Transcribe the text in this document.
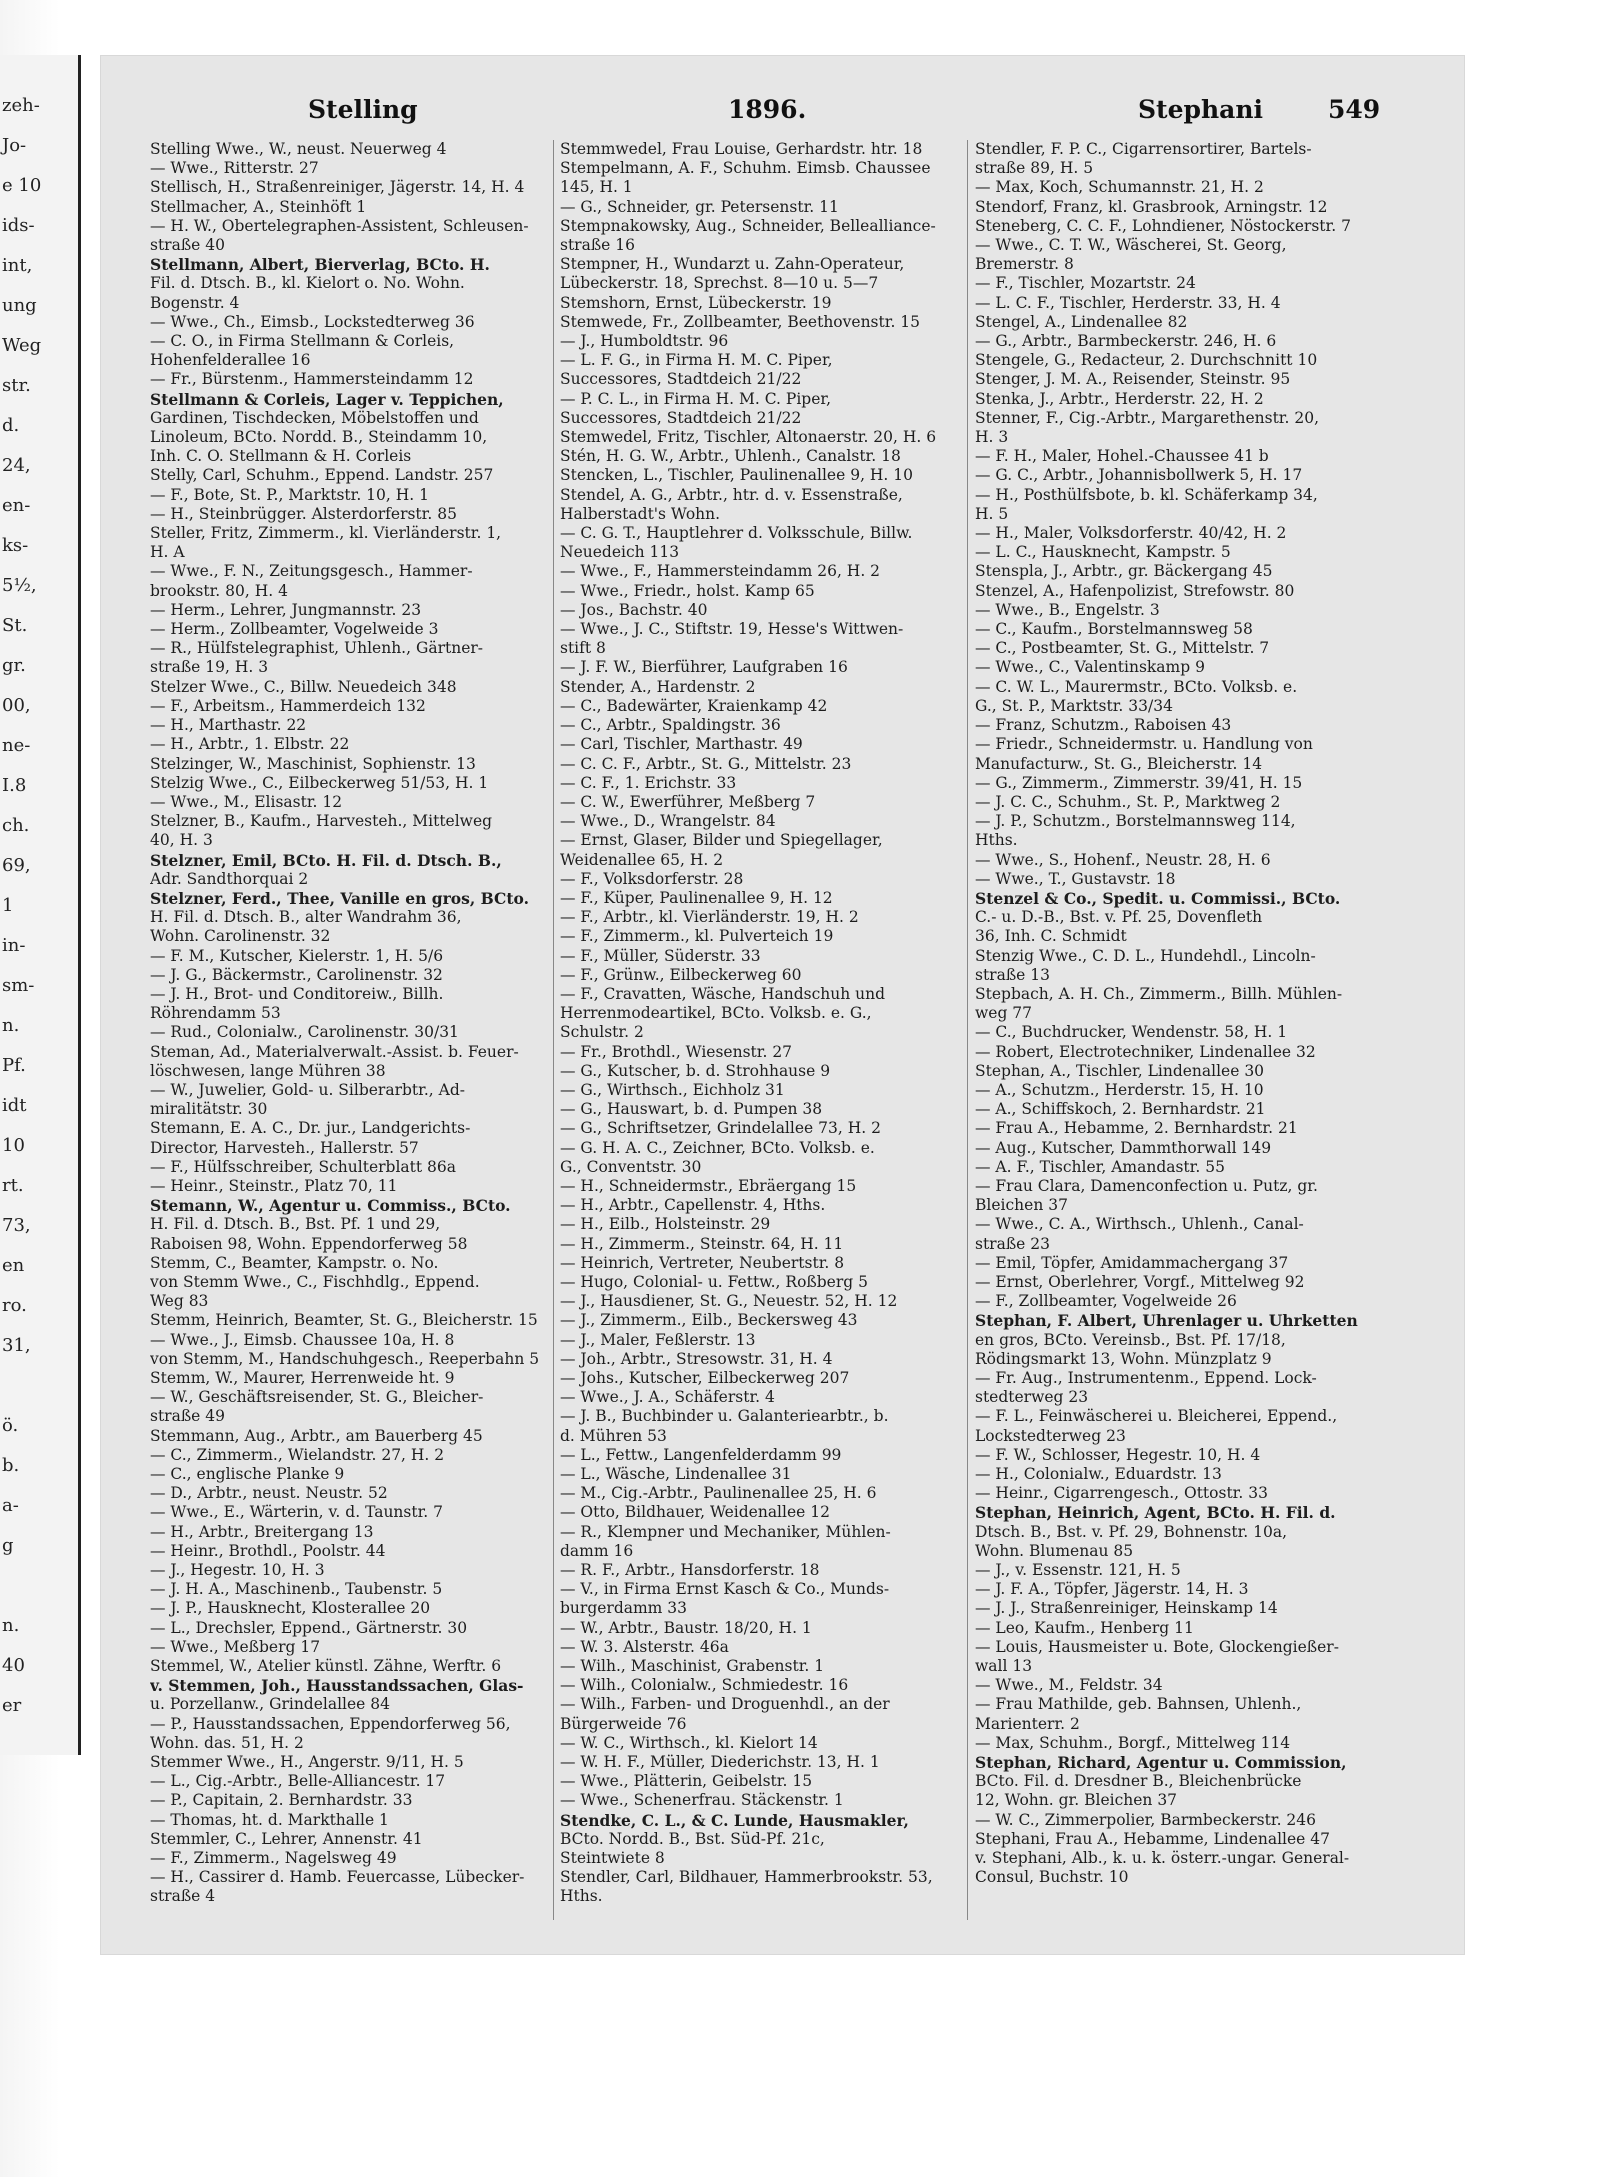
zeh-
Jo-
e 10
ids-
int,
ung
Weg
str.
d.
24,
en-
ks-
5½,
St.
gr.
00,
ne-
I.8
ch.
69,
1
in-
sm-
n.
Pf.
idt
10
rt.
73,
en
ro.
31,
ö.
b.
a-
g
n.
40
er
Stelling	1896.	Stephani	549
Stelling Wwe., W., neust. Neuerweg 4
— Wwe., Ritterstr. 27
Stellisch, H., Straßenreiniger, Jägerstr. 14, H. 4
Stellmacher, A., Steinhöft 1
— H. W., Obertelegraphen-Assistent, Schleusen-
straße 40
Stellmann, Albert, Bierverlag, BCto. H.
Fil. d. Dtsch. B., kl. Kielort o. No. Wohn.
Bogenstr. 4
— Wwe., Ch., Eimsb., Lockstedterweg 36
— C. O., in Firma Stellmann & Corleis,
Hohenfelderallee 16
— Fr., Bürstenm., Hammersteindamm 12
Stellmann & Corleis, Lager v. Teppichen,
Gardinen, Tischdecken, Möbelstoffen und
Linoleum, BCto. Nordd. B., Steindamm 10,
Inh. C. O. Stellmann & H. Corleis
Stelly, Carl, Schuhm., Eppend. Landstr. 257
— F., Bote, St. P., Marktstr. 10, H. 1
— H., Steinbrügger. Alsterdorferstr. 85
Steller, Fritz, Zimmerm., kl. Vierländerstr. 1,
H. A
— Wwe., F. N., Zeitungsgesch., Hammer-
brookstr. 80, H. 4
— Herm., Lehrer, Jungmannstr. 23
— Herm., Zollbeamter, Vogelweide 3
— R., Hülfstelegraphist, Uhlenh., Gärtner-
straße 19, H. 3
Stelzer Wwe., C., Billw. Neuedeich 348
— F., Arbeitsm., Hammerdeich 132
— H., Marthastr. 22
— H., Arbtr., 1. Elbstr. 22
Stelzinger, W., Maschinist, Sophienstr. 13
Stelzig Wwe., C., Eilbeckerweg 51/53, H. 1
— Wwe., M., Elisastr. 12
Stelzner, B., Kaufm., Harvesteh., Mittelweg
40, H. 3
Stelzner, Emil, BCto. H. Fil. d. Dtsch. B.,
Adr. Sandthorquai 2
Stelzner, Ferd., Thee, Vanille en gros, BCto.
H. Fil. d. Dtsch. B., alter Wandrahm 36,
Wohn. Carolinenstr. 32
— F. M., Kutscher, Kielerstr. 1, H. 5/6
— J. G., Bäckermstr., Carolinenstr. 32
— J. H., Brot- und Conditoreiw., Billh.
Röhrendamm 53
— Rud., Colonialw., Carolinenstr. 30/31
Steman, Ad., Materialverwalt.-Assist. b. Feuer-
löschwesen, lange Mühren 38
— W., Juwelier, Gold- u. Silberarbtr., Ad-
miralitätstr. 30
Stemann, E. A. C., Dr. jur., Landgerichts-
Director, Harvesteh., Hallerstr. 57
— F., Hülfsschreiber, Schulterblatt 86a
— Heinr., Steinstr., Platz 70, 11
Stemann, W., Agentur u. Commiss., BCto.
H. Fil. d. Dtsch. B., Bst. Pf. 1 und 29,
Raboisen 98, Wohn. Eppendorferweg 58
Stemm, C., Beamter, Kampstr. o. No.
von Stemm Wwe., C., Fischhdlg., Eppend.
Weg 83
Stemm, Heinrich, Beamter, St. G., Bleicherstr. 15
— Wwe., J., Eimsb. Chaussee 10a, H. 8
von Stemm, M., Handschuhgesch., Reeperbahn 5
Stemm, W., Maurer, Herrenweide ht. 9
— W., Geschäftsreisender, St. G., Bleicher-
straße 49
Stemmann, Aug., Arbtr., am Bauerberg 45
— C., Zimmerm., Wielandstr. 27, H. 2
— C., englische Planke 9
— D., Arbtr., neust. Neustr. 52
— Wwe., E., Wärterin, v. d. Taunstr. 7
— H., Arbtr., Breitergang 13
— Heinr., Brothdl., Poolstr. 44
— J., Hegestr. 10, H. 3
— J. H. A., Maschinenb., Taubenstr. 5
— J. P., Hausknecht, Klosterallee 20
— L., Drechsler, Eppend., Gärtnerstr. 30
— Wwe., Meßberg 17
Stemmel, W., Atelier künstl. Zähne, Werftr. 6
v. Stemmen, Joh., Hausstandssachen, Glas-
u. Porzellanw., Grindelallee 84
— P., Hausstandssachen, Eppendorferweg 56,
Wohn. das. 51, H. 2
Stemmer Wwe., H., Angerstr. 9/11, H. 5
— L., Cig.-Arbtr., Belle-Alliancestr. 17
— P., Capitain, 2. Bernhardstr. 33
— Thomas, ht. d. Markthalle 1
Stemmler, C., Lehrer, Annenstr. 41
— F., Zimmerm., Nagelsweg 49
— H., Cassirer d. Hamb. Feuercasse, Lübecker-
straße 4
Stemmwedel, Frau Louise, Gerhardstr. htr. 18
Stempelmann, A. F., Schuhm. Eimsb. Chaussee
145, H. 1
— G., Schneider, gr. Petersenstr. 11
Stempnakowsky, Aug., Schneider, Bellealliance-
straße 16
Stempner, H., Wundarzt u. Zahn-Operateur,
Lübeckerstr. 18, Sprechst. 8—10 u. 5—7
Stemshorn, Ernst, Lübeckerstr. 19
Stemwede, Fr., Zollbeamter, Beethovenstr. 15
— J., Humboldtstr. 96
— L. F. G., in Firma H. M. C. Piper,
Successores, Stadtdeich 21/22
— P. C. L., in Firma H. M. C. Piper,
Successores, Stadtdeich 21/22
Stemwedel, Fritz, Tischler, Altonaerstr. 20, H. 6
Stén, H. G. W., Arbtr., Uhlenh., Canalstr. 18
Stencken, L., Tischler, Paulinenallee 9, H. 10
Stendel, A. G., Arbtr., htr. d. v. Essenstraße,
Halberstadt's Wohn.
— C. G. T., Hauptlehrer d. Volksschule, Billw.
Neuedeich 113
— Wwe., F., Hammersteindamm 26, H. 2
— Wwe., Friedr., holst. Kamp 65
— Jos., Bachstr. 40
— Wwe., J. C., Stiftstr. 19, Hesse's Wittwen-
stift 8
— J. F. W., Bierführer, Laufgraben 16
Stender, A., Hardenstr. 2
— C., Badewärter, Kraienkamp 42
— C., Arbtr., Spaldingstr. 36
— Carl, Tischler, Marthastr. 49
— C. C. F., Arbtr., St. G., Mittelstr. 23
— C. F., 1. Erichstr. 33
— C. W., Ewerführer, Meßberg 7
— Wwe., D., Wrangelstr. 84
— Ernst, Glaser, Bilder und Spiegellager,
Weidenallee 65, H. 2
— F., Volksdorferstr. 28
— F., Küper, Paulinenallee 9, H. 12
— F., Arbtr., kl. Vierländerstr. 19, H. 2
— F., Zimmerm., kl. Pulverteich 19
— F., Müller, Süderstr. 33
— F., Grünw., Eilbeckerweg 60
— F., Cravatten, Wäsche, Handschuh und
Herrenmodeartikel, BCto. Volksb. e. G.,
Schulstr. 2
— Fr., Brothdl., Wiesenstr. 27
— G., Kutscher, b. d. Strohhause 9
— G., Wirthsch., Eichholz 31
— G., Hauswart, b. d. Pumpen 38
— G., Schriftsetzer, Grindelallee 73, H. 2
— G. H. A. C., Zeichner, BCto. Volksb. e.
G., Conventstr. 30
— H., Schneidermstr., Ebräergang 15
— H., Arbtr., Capellenstr. 4, Hths.
— H., Eilb., Holsteinstr. 29
— H., Zimmerm., Steinstr. 64, H. 11
— Heinrich, Vertreter, Neubertstr. 8
— Hugo, Colonial- u. Fettw., Roßberg 5
— J., Hausdiener, St. G., Neuestr. 52, H. 12
— J., Zimmerm., Eilb., Beckersweg 43
— J., Maler, Feßlerstr. 13
— Joh., Arbtr., Stresowstr. 31, H. 4
— Johs., Kutscher, Eilbeckerweg 207
— Wwe., J. A., Schäferstr. 4
— J. B., Buchbinder u. Galanteriearbtr., b.
d. Mühren 53
— L., Fettw., Langenfelderdamm 99
— L., Wäsche, Lindenallee 31
— M., Cig.-Arbtr., Paulinenallee 25, H. 6
— Otto, Bildhauer, Weidenallee 12
— R., Klempner und Mechaniker, Mühlen-
damm 16
— R. F., Arbtr., Hansdorferstr. 18
— V., in Firma Ernst Kasch & Co., Munds-
burgerdamm 33
— W., Arbtr., Baustr. 18/20, H. 1
— W. 3. Alsterstr. 46a
— Wilh., Maschinist, Grabenstr. 1
— Wilh., Colonialw., Schmiedestr. 16
— Wilh., Farben- und Droguenhdl., an der
Bürgerweide 76
— W. C., Wirthsch., kl. Kielort 14
— W. H. F., Müller, Diederichstr. 13, H. 1
— Wwe., Plätterin, Geibelstr. 15
— Wwe., Schenerfrau. Stäckenstr. 1
Stendke, C. L., & C. Lunde, Hausmakler,
BCto. Nordd. B., Bst. Süd-Pf. 21c,
Steintwiete 8
Stendler, Carl, Bildhauer, Hammerbrookstr. 53,
Hths.
Stendler, F. P. C., Cigarrensortirer, Bartels-
straße 89, H. 5
— Max, Koch, Schumannstr. 21, H. 2
Stendorf, Franz, kl. Grasbrook, Arningstr. 12
Steneberg, C. C. F., Lohndiener, Nöstockerstr. 7
— Wwe., C. T. W., Wäscherei, St. Georg,
Bremerstr. 8
— F., Tischler, Mozartstr. 24
— L. C. F., Tischler, Herderstr. 33, H. 4
Stengel, A., Lindenallee 82
— G., Arbtr., Barmbeckerstr. 246, H. 6
Stengele, G., Redacteur, 2. Durchschnitt 10
Stenger, J. M. A., Reisender, Steinstr. 95
Stenka, J., Arbtr., Herderstr. 22, H. 2
Stenner, F., Cig.-Arbtr., Margarethenstr. 20,
H. 3
— F. H., Maler, Hohel.-Chaussee 41 b
— G. C., Arbtr., Johannisbollwerk 5, H. 17
— H., Posthülfsbote, b. kl. Schäferkamp 34,
H. 5
— H., Maler, Volksdorferstr. 40/42, H. 2
— L. C., Hausknecht, Kampstr. 5
Stenspla, J., Arbtr., gr. Bäckergang 45
Stenzel, A., Hafenpolizist, Strefowstr. 80
— Wwe., B., Engelstr. 3
— C., Kaufm., Borstelmannsweg 58
— C., Postbeamter, St. G., Mittelstr. 7
— Wwe., C., Valentinskamp 9
— C. W. L., Maurermstr., BCto. Volksb. e.
G., St. P., Marktstr. 33/34
— Franz, Schutzm., Raboisen 43
— Friedr., Schneidermstr. u. Handlung von
Manufacturw., St. G., Bleicherstr. 14
— G., Zimmerm., Zimmerstr. 39/41, H. 15
— J. C. C., Schuhm., St. P., Marktweg 2
— J. P., Schutzm., Borstelmannsweg 114,
Hths.
— Wwe., S., Hohenf., Neustr. 28, H. 6
— Wwe., T., Gustavstr. 18
Stenzel & Co., Spedit. u. Commissi., BCto.
C.- u. D.-B., Bst. v. Pf. 25, Dovenfleth
36, Inh. C. Schmidt
Stenzig Wwe., C. D. L., Hundehdl., Lincoln-
straße 13
Stepbach, A. H. Ch., Zimmerm., Billh. Mühlen-
weg 77
— C., Buchdrucker, Wendenstr. 58, H. 1
— Robert, Electrotechniker, Lindenallee 32
Stephan, A., Tischler, Lindenallee 30
— A., Schutzm., Herderstr. 15, H. 10
— A., Schiffskoch, 2. Bernhardstr. 21
— Frau A., Hebamme, 2. Bernhardstr. 21
— Aug., Kutscher, Dammthorwall 149
— A. F., Tischler, Amandastr. 55
— Frau Clara, Damenconfection u. Putz, gr.
Bleichen 37
— Wwe., C. A., Wirthsch., Uhlenh., Canal-
straße 23
— Emil, Töpfer, Amidammachergang 37
— Ernst, Oberlehrer, Vorgf., Mittelweg 92
— F., Zollbeamter, Vogelweide 26
Stephan, F. Albert, Uhrenlager u. Uhrketten
en gros, BCto. Vereinsb., Bst. Pf. 17/18,
Rödingsmarkt 13, Wohn. Münzplatz 9
— Fr. Aug., Instrumentenm., Eppend. Lock-
stedterweg 23
— F. L., Feinwäscherei u. Bleicherei, Eppend.,
Lockstedterweg 23
— F. W., Schlosser, Hegestr. 10, H. 4
— H., Colonialw., Eduardstr. 13
— Heinr., Cigarrengesch., Ottostr. 33
Stephan, Heinrich, Agent, BCto. H. Fil. d.
Dtsch. B., Bst. v. Pf. 29, Bohnenstr. 10a,
Wohn. Blumenau 85
— J., v. Essenstr. 121, H. 5
— J. F. A., Töpfer, Jägerstr. 14, H. 3
— J. J., Straßenreiniger, Heinskamp 14
— Leo, Kaufm., Henberg 11
— Louis, Hausmeister u. Bote, Glockengießer-
wall 13
— Wwe., M., Feldstr. 34
— Frau Mathilde, geb. Bahnsen, Uhlenh.,
Marienterr. 2
— Max, Schuhm., Borgf., Mittelweg 114
Stephan, Richard, Agentur u. Commission,
BCto. Fil. d. Dresdner B., Bleichenbrücke
12, Wohn. gr. Bleichen 37
— W. C., Zimmerpolier, Barmbeckerstr. 246
Stephani, Frau A., Hebamme, Lindenallee 47
v. Stephani, Alb., k. u. k. österr.-ungar. General-
Consul, Buchstr. 10
